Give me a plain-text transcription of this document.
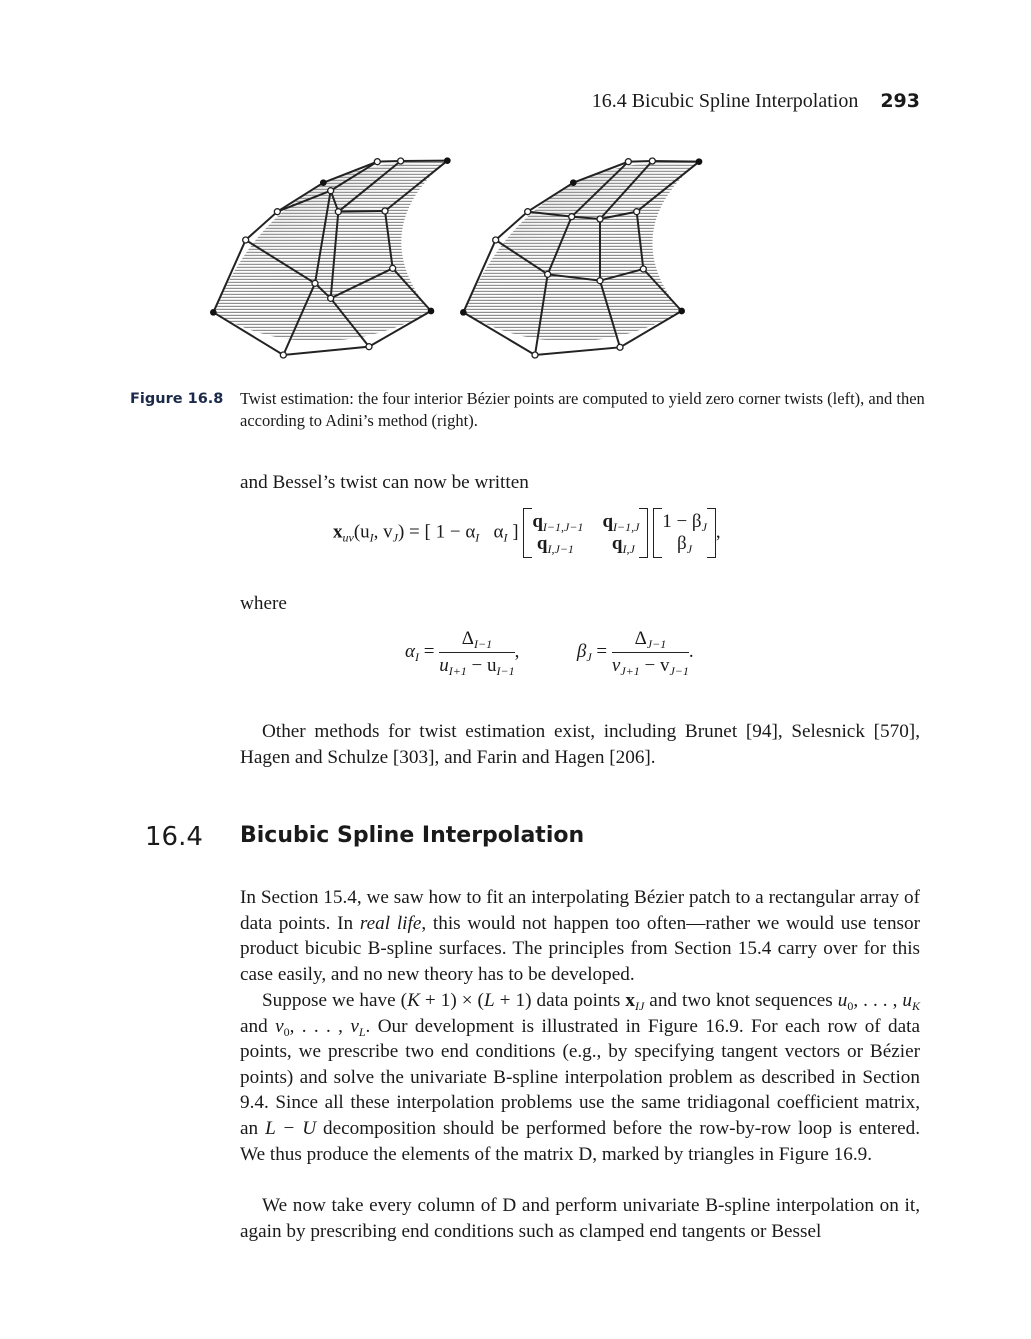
16.4 Bicubic Spline Interpolation 293
Figure 16.8 Twist estimation: the four interior Bézier points are computed to yield zero corner twists (left), and then according to Adini’s method (right).
and Bessel’s twist can now be written
$x_{uv}(u_I$, $v_J$) = [ $1 - \alpha_I$   $\alpha_I$ ] $q_{I-1,J-1}$ $q_{I-1,J}$
$q_{I,J-1}$ $q_{I,J}$ $1 - \beta_J$
$\beta_J$,
where
$\alpha_I = \frac{\Delta_{I-1}}{u_{I+1} - u_{I-1}}$ ,	$\beta_J = \frac{\Delta_{J-1}}{v_{J+1} - v_{J-1}}$ .
Other methods for twist estimation exist, including Brunet [94], Selesnick [570], Hagen and Schulze [303], and Farin and Hagen [206].
16.4 Bicubic Spline Interpolation
In Section 15.4, we saw how to fit an interpolating Bézier patch to a rectangular array of data points. In real life, this would not happen too often—rather we would use tensor product bicubic B-spline surfaces. The principles from Section 15.4 carry over for this case easily, and no new theory has to be developed.
Suppose we have (K + 1) × (L + 1) data points $x_{IJ}$ and two knot sequences $u_0$, . . . , $u_K$ and $v_0$, . . . , $v_L$. Our development is illustrated in Figure 16.9. For each row of data points, we prescribe two end conditions (e.g., by specifying tangent vectors or Bézier points) and solve the univariate B-spline interpolation problem as described in Section 9.4. Since all these interpolation problems use the same tridiagonal coefficient matrix, an L − U decomposition should be performed before the row-by-row loop is entered. We thus produce the elements of the matrix D, marked by triangles in Figure 16.9.
We now take every column of D and perform univariate B-spline interpolation on it, again by prescribing end conditions such as clamped end tangents or Bessel
